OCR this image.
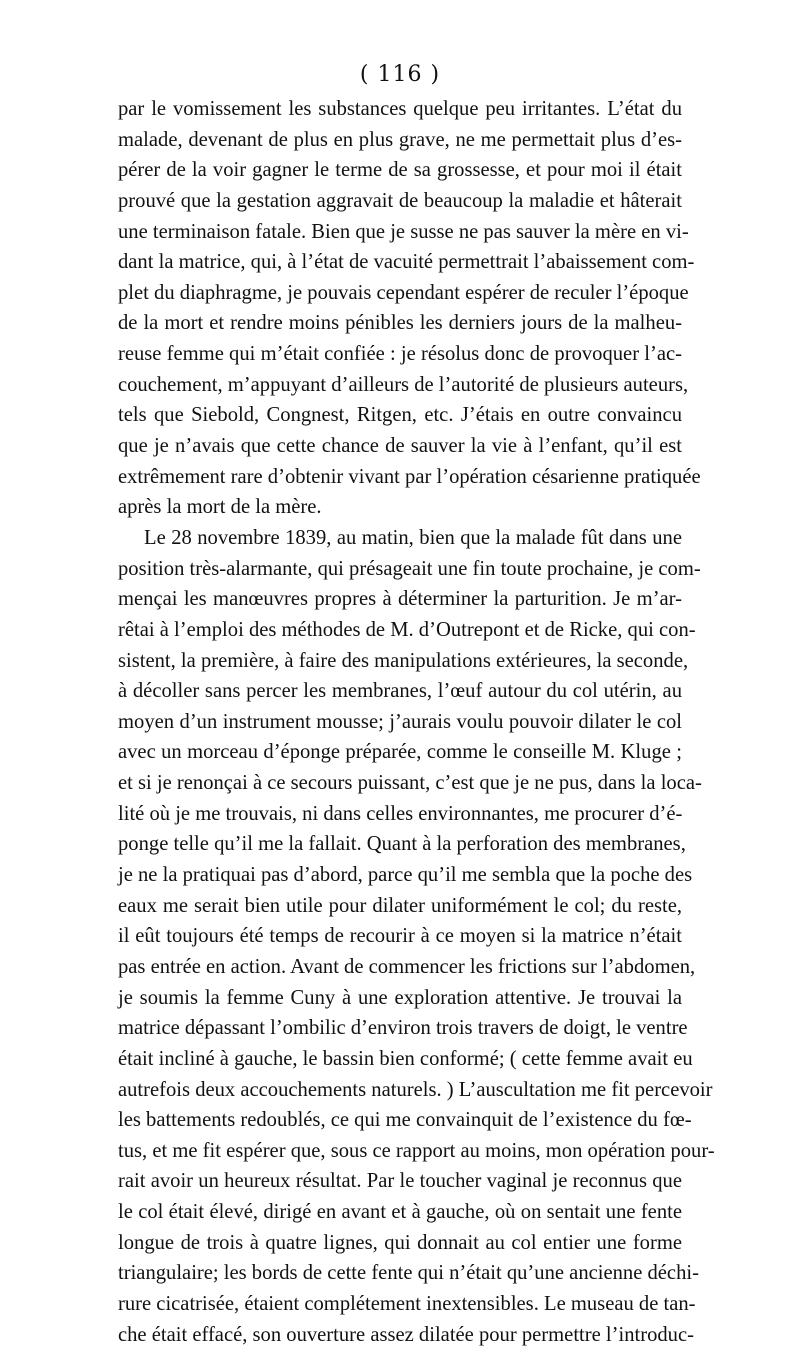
( 116 )
par le vomissement les substances quelque peu irritantes. L’état du
malade, devenant de plus en plus grave, ne me permettait plus d’es-
pérer de la voir gagner le terme de sa grossesse, et pour moi il était
prouvé que la gestation aggravait de beaucoup la maladie et hâterait
une terminaison fatale. Bien que je susse ne pas sauver la mère en vi-
dant la matrice, qui, à l’état de vacuité permettrait l’abaissement com-
plet du diaphragme, je pouvais cependant espérer de reculer l’époque
de la mort et rendre moins pénibles les derniers jours de la malheu-
reuse femme qui m’était confiée : je résolus donc de provoquer l’ac-
couchement, m’appuyant d’ailleurs de l’autorité de plusieurs auteurs,
tels que Siebold, Congnest, Ritgen, etc. J’étais en outre convaincu
que je n’avais que cette chance de sauver la vie à l’enfant, qu’il est
extrêmement rare d’obtenir vivant par l’opération césarienne pratiquée
après la mort de la mère.
Le 28 novembre 1839, au matin, bien que la malade fût dans une
position très-alarmante, qui présageait une fin toute prochaine, je com-
mençai les manœuvres propres à déterminer la parturition. Je m’ar-
rêtai à l’emploi des méthodes de M. d’Outrepont et de Ricke, qui con-
sistent, la première, à faire des manipulations extérieures, la seconde,
à décoller sans percer les membranes, l’œuf autour du col utérin, au
moyen d’un instrument mousse; j’aurais voulu pouvoir dilater le col
avec un morceau d’éponge préparée, comme le conseille M. Kluge ;
et si je renonçai à ce secours puissant, c’est que je ne pus, dans la loca-
lité où je me trouvais, ni dans celles environnantes, me procurer d’é-
ponge telle qu’il me la fallait. Quant à la perforation des membranes,
je ne la pratiquai pas d’abord, parce qu’il me sembla que la poche des
eaux me serait bien utile pour dilater uniformément le col; du reste,
il eût toujours été temps de recourir à ce moyen si la matrice n’était
pas entrée en action. Avant de commencer les frictions sur l’abdomen,
je soumis la femme Cuny à une exploration attentive. Je trouvai la
matrice dépassant l’ombilic d’environ trois travers de doigt, le ventre
était incliné à gauche, le bassin bien conformé; ( cette femme avait eu
autrefois deux accouchements naturels. ) L’auscultation me fit percevoir
les battements redoublés, ce qui me convainquit de l’existence du fœ-
tus, et me fit espérer que, sous ce rapport au moins, mon opération pour-
rait avoir un heureux résultat. Par le toucher vaginal je reconnus que
le col était élevé, dirigé en avant et à gauche, où on sentait une fente
longue de trois à quatre lignes, qui donnait au col entier une forme
triangulaire; les bords de cette fente qui n’était qu’une ancienne déchi-
rure cicatrisée, étaient complétement inextensibles. Le museau de tan-
che était effacé, son ouverture assez dilatée pour permettre l’introduc-
